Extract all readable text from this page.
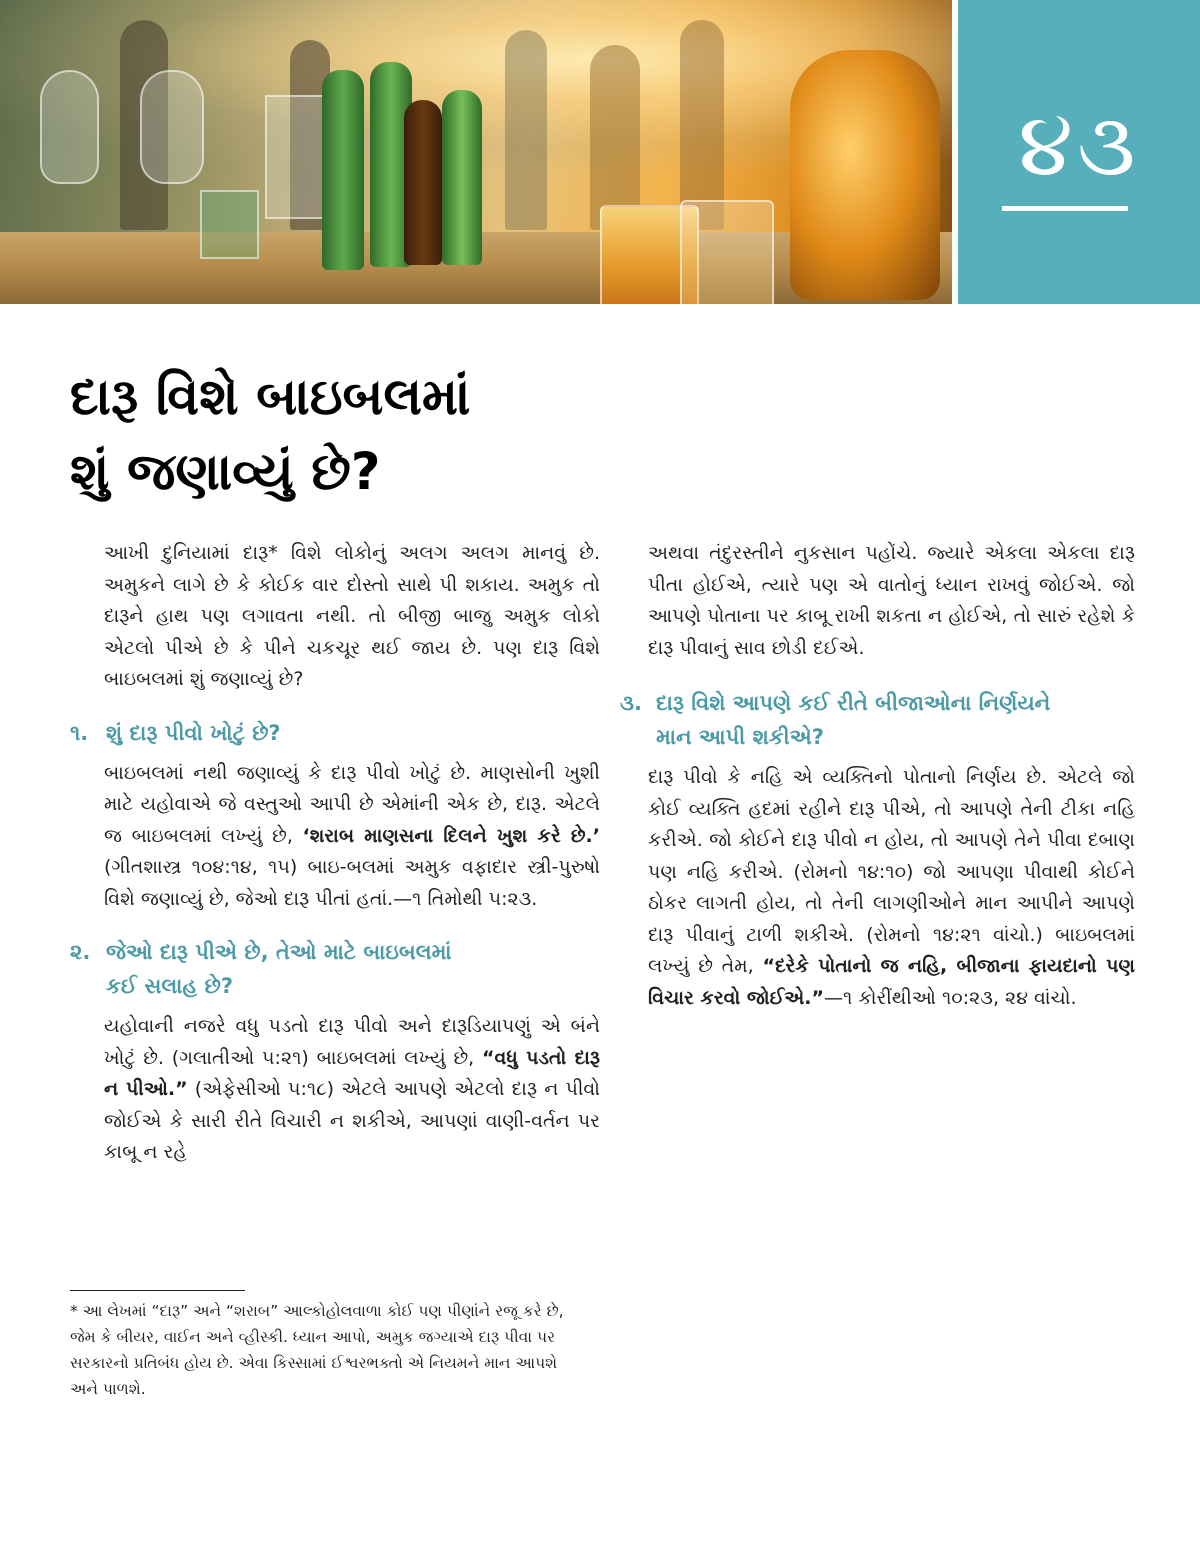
૪૩
દારૂ વિશે બાઇબલમાં
શું જણાવ્યું છે?

આખી દુનિયામાં દારૂ* વિશે લોકોનું અલગ અલગ માનવું છે. અમુકને લાગે છે કે કોઈક વાર દોસ્તો સાથે પી શકાય. અમુક તો દારૂને હાથ પણ લગાવતા નથી. તો બીજી બાજુ અમુક લોકો એટલો પીએ છે કે પીને ચકચૂર થઈ જાય છે. પણ દારૂ વિશે બાઇબલમાં શું જણાવ્યું છે?

૧. શું દારૂ પીવો ખોટું છે?

બાઇબલમાં નથી જણાવ્યું કે દારૂ પીવો ખોટું છે. માણસોની ખુશી માટે યહોવાએ જે વસ્તુઓ આપી છે એમાંની એક છે, દારૂ. એટલે જ બાઇબલમાં લખ્યું છે, ‘શરાબ માણસના દિલને ખુશ કરે છે.’ (ગીતશાસ્ત્ર ૧૦૪:૧૪, ૧૫) બાઇ-બલમાં અમુક વફાદાર સ્ત્રી-પુરુષો વિશે જણાવ્યું છે, જેઓ દારૂ પીતાં હતાં.—૧ તિમોથી ૫:૨૩.

૨. જેઓ દારૂ પીએ છે, તેઓ માટે બાઇબલમાં
કઈ સલાહ છે?

યહોવાની નજરે વધુ પડતો દારૂ પીવો અને દારૂડિયાપણું એ બંને ખોટું છે. (ગલાતીઓ ૫:૨૧) બાઇબલમાં લખ્યું છે, “વધુ પડતો દારૂ ન પીઓ.” (એફેસીઓ ૫:૧૮) એટલે આપણે એટલો દારૂ ન પીવો જોઈએ કે સારી રીતે વિચારી ન શકીએ, આપણાં વાણી-વર્તન પર કાબૂ ન રહે

અથવા તંદુરસ્તીને નુકસાન પહોંચે. જ્યારે એકલા એકલા દારૂ પીતા હોઈએ, ત્યારે પણ એ વાતોનું ધ્યાન રાખવું જોઈએ. જો આપણે પોતાના પર કાબૂ રાખી શકતા ન હોઈએ, તો સારું રહેશે કે દારૂ પીવાનું સાવ છોડી દઈએ.

૩. દારૂ વિશે આપણે કઈ રીતે બીજાઓના નિર્ણયને
માન આપી શકીએ?

દારૂ પીવો કે નહિ એ વ્યક્તિનો પોતાનો નિર્ણય છે. એટલે જો કોઈ વ્યક્તિ હદમાં રહીને દારૂ પીએ, તો આપણે તેની ટીકા નહિ કરીએ. જો કોઈને દારૂ પીવો ન હોય, તો આપણે તેને પીવા દબાણ પણ નહિ કરીએ. (રોમનો ૧૪:૧૦) જો આપણા પીવાથી કોઈને ઠોકર લાગતી હોય, તો તેની લાગણીઓને માન આપીને આપણે દારૂ પીવાનું ટાળી શકીએ. (રોમનો ૧૪:૨૧ વાંચો.) બાઇબલમાં લખ્યું છે તેમ, “દરેકે પોતાનો જ નહિ, બીજાના ફાયદાનો પણ વિચાર કરવો જોઈએ.”—૧ કોરીંથીઓ ૧૦:૨૩, ૨૪ વાંચો.

* આ લેખમાં “દારૂ” અને “શરાબ” આલ્કોહોલવાળા કોઈ પણ પીણાંને રજૂ કરે છે, જેમ કે બીયર, વાઈન અને વ્હીસ્કી. ધ્યાન આપો, અમુક જગ્યાએ દારૂ પીવા પર સરકારનો પ્રતિબંધ હોય છે. એવા કિસ્સામાં ઈશ્વરભક્તો એ નિયમને માન આપશે અને પાળશે.
